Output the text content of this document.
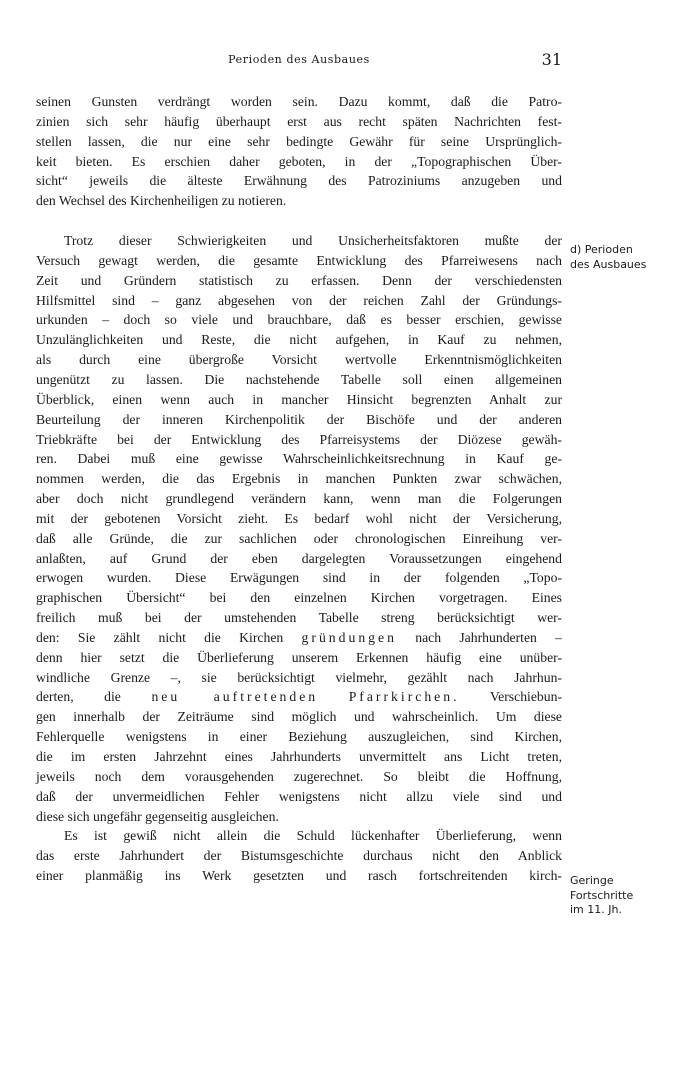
Perioden des Ausbaues	31
seinen Gunsten verdrängt worden sein. Dazu kommt, daß die Patro-
zinien sich sehr häufig überhaupt erst aus recht späten Nachrichten fest-
stellen lassen, die nur eine sehr bedingte Gewähr für seine Ursprünglich-
keit bieten. Es erschien daher geboten, in der „Topographischen Über-
sicht“ jeweils die älteste Erwähnung des Patroziniums anzugeben und
den Wechsel des Kirchenheiligen zu notieren.
Trotz dieser Schwierigkeiten und Unsicherheitsfaktoren mußte der
Versuch gewagt werden, die gesamte Entwicklung des Pfarreiwesens nach
Zeit und Gründern statistisch zu erfassen. Denn der verschiedensten
Hilfsmittel sind – ganz abgesehen von der reichen Zahl der Gründungs-
urkunden – doch so viele und brauchbare, daß es besser erschien, gewisse
Unzulänglichkeiten und Reste, die nicht aufgehen, in Kauf zu nehmen,
als durch eine übergroße Vorsicht wertvolle Erkenntnismöglichkeiten
ungenützt zu lassen. Die nachstehende Tabelle soll einen allgemeinen
Überblick, einen wenn auch in mancher Hinsicht begrenzten Anhalt zur
Beurteilung der inneren Kirchenpolitik der Bischöfe und der anderen
Triebkräfte bei der Entwicklung des Pfarreisystems der Diözese gewäh-
ren. Dabei muß eine gewisse Wahrscheinlichkeitsrechnung in Kauf ge-
nommen werden, die das Ergebnis in manchen Punkten zwar schwächen,
aber doch nicht grundlegend verändern kann, wenn man die Folgerungen
mit der gebotenen Vorsicht zieht. Es bedarf wohl nicht der Versicherung,
daß alle Gründe, die zur sachlichen oder chronologischen Einreihung ver-
anlaßten, auf Grund der eben dargelegten Voraussetzungen eingehend
erwogen wurden. Diese Erwägungen sind in der folgenden „Topo-
graphischen Übersicht“ bei den einzelnen Kirchen vorgetragen. Eines
freilich muß bei der umstehenden Tabelle streng berücksichtigt wer-
den: Sie zählt nicht die Kirchen gründungen nach Jahrhunderten –
denn hier setzt die Überlieferung unserem Erkennen häufig eine unüber-
windliche Grenze –, sie berücksichtigt vielmehr, gezählt nach Jahrhun-
derten, die neu auftretenden Pfarrkirchen. Verschiebun-
gen innerhalb der Zeiträume sind möglich und wahrscheinlich. Um diese
Fehlerquelle wenigstens in einer Beziehung auszugleichen, sind Kirchen,
die im ersten Jahrzehnt eines Jahrhunderts unvermittelt ans Licht treten,
jeweils noch dem vorausgehenden zugerechnet. So bleibt die Hoffnung,
daß der unvermeidlichen Fehler wenigstens nicht allzu viele sind und
diese sich ungefähr gegenseitig ausgleichen.
Es ist gewiß nicht allein die Schuld lückenhafter Überlieferung, wenn
das erste Jahrhundert der Bistumsgeschichte durchaus nicht den Anblick
einer planmäßig ins Werk gesetzten und rasch fortschreitenden kirch-
d) Perioden
des Ausbaues
Geringe
Fortschritte
im 11. Jh.
